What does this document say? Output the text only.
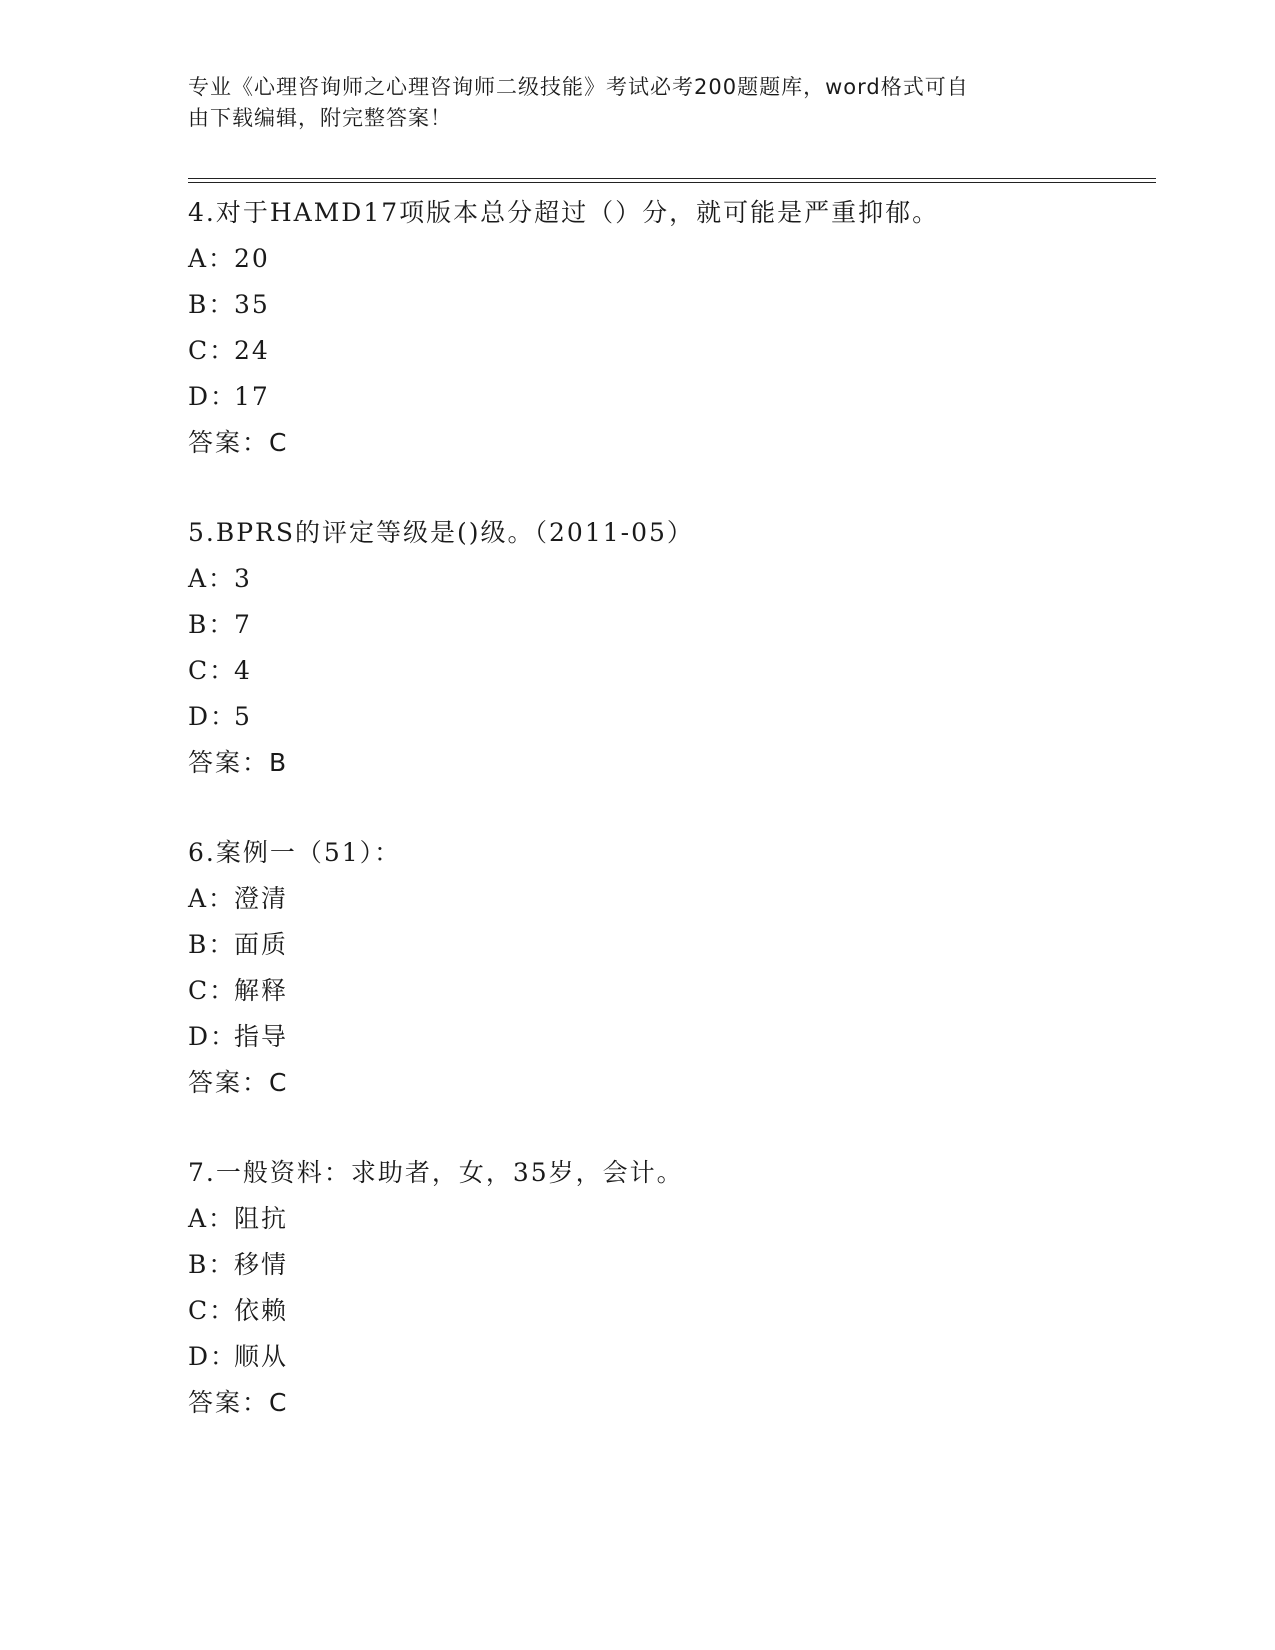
专业《心理咨询师之心理咨询师二级技能》考试必考200题题库，word格式可自

由下载编辑，附完整答案！

4.对于HAMD17项版本总分超过（）分，就可能是严重抑郁。
A：20
B：35
C：24
D：17
答案：C
5.BPRS的评定等级是()级。（2011-05）
A：3
B：7
C：4
D：5
答案：B
6.案例一（51）：
A：澄清
B：面质
C：解释
D：指导
答案：C
7.一般资料：求助者，女，35岁，会计。
A：阻抗
B：移情
C：依赖
D：顺从
答案：C
